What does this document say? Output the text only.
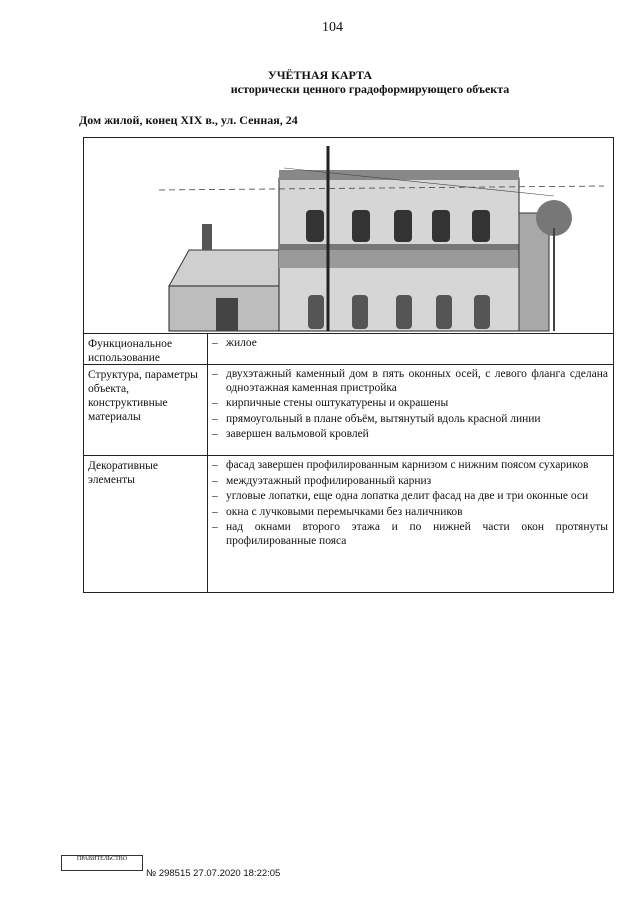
104
УЧЁТНАЯ КАРТА
исторически ценного градоформирующего объекта
Дом жилой, конец XIX в., ул. Сенная, 24
Функциональное использование
– жилое
Структура, параметры объекта, конструктивные материалы
– двухэтажный каменный дом в пять оконных осей, с левого фланга сделана одноэтажная каменная пристройка
– кирпичные стены оштукатурены и окрашены
– прямоугольный в плане объём, вытянутый вдоль красной линии
– завершен вальмовой кровлей
Декоративные элементы
– фасад завершен профилированным карнизом с нижним поясом сухариков
– междуэтажный профилированный карниз
– угловые лопатки, еще одна лопатка делит фасад на две и три оконные оси
– окна с лучковыми перемычками без наличников
– над окнами второго этажа и по нижней части окон протянуты профилированные пояса
ПРАВИТЕЛЬСТВО
№ 298515 27.07.2020 18:22:05
